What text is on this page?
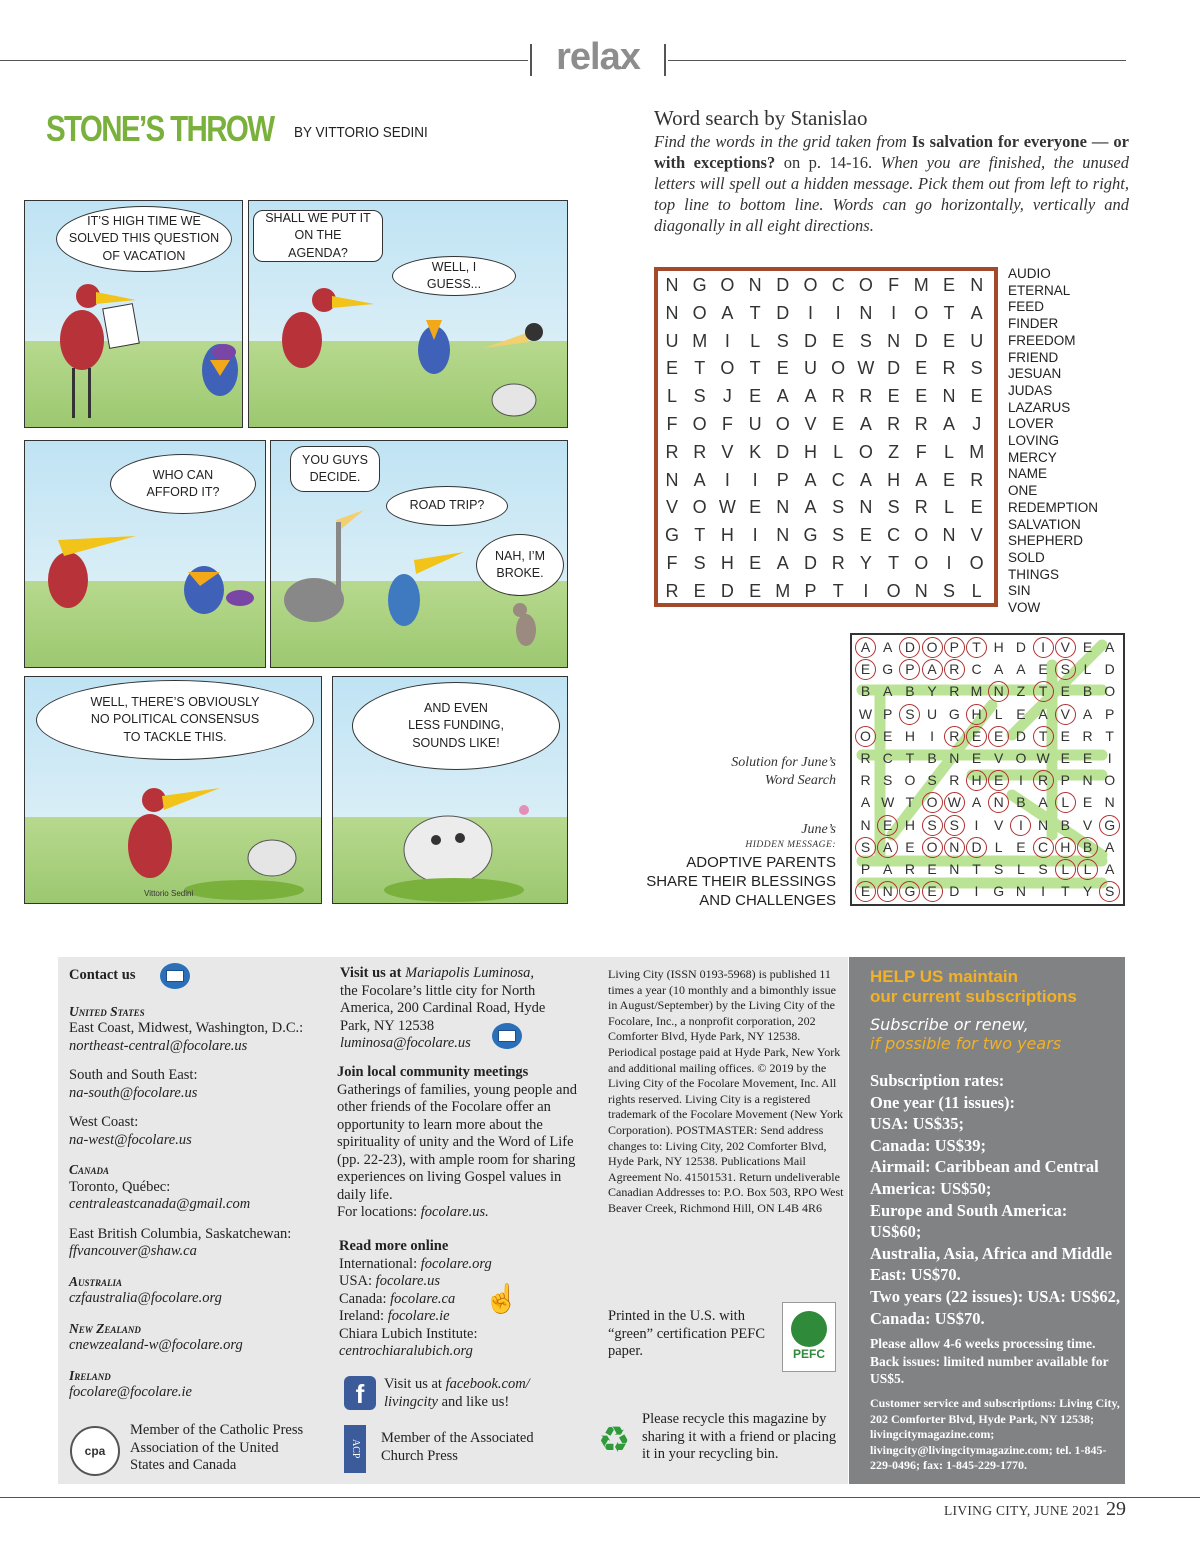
relax
STONE’S THROW BY VITTORIO SEDINI
Vittorio Sedini
IT’S HIGH TIME WE
SOLVED THIS QUESTION
OF VACATION
SHALL WE PUT IT
ON THE AGENDA?
WELL, I GUESS...
WHO CAN
AFFORD IT?
YOU GUYS
DECIDE.
ROAD TRIP?
NAH, I’M
BROKE.
WELL, THERE’S OBVIOUSLY
NO POLITICAL CONSENSUS
TO TACKLE THIS.
AND EVEN
LESS FUNDING,
SOUNDS LIKE!
Word search by Stanislao
Find the words in the grid taken from Is salvation for everyone — or with exceptions? on p. 14-16. When you are finished, the unused letters will spell out a hidden message. Pick them out from left to right, top line to bottom line. Words can go horizontally, vertically and diagonally in all eight directions.
N G O N D O C O F M E N
N O A T D	I	I	N	I	O T A
U M I	L S D E S N D E U
E T O T E U O W D E R S
L S J E A A R R E E N E
F O F U O V E A R R A J
R R V K D H L O Z F L M
N A	I	I	P A C A H A E R
V O W E N A S N S R L E
G T H	I	N G S E C O N V
F S H E A D R Y T O	I	O
R E D E M P T	I	O N S L
AUDIO
ETERNAL
FEED
FINDER
FREEDOM
FRIEND
JESUAN
JUDAS
LAZARUS
LOVER
LOVING
MERCY
NAME
ONE
REDEMPTION
SALVATION
SHEPHERD
SOLD
THINGS
SIN
VOW
Solution for June’s Word Search
June’s
HIDDEN MESSAGE:
ADOPTIVE PARENTS
SHARE THEIR BLESSINGS
AND CHALLENGES
A A D O P T H D	I	V E A
E G P A R C A A E S L D
B A B Y R M N Z T E B O
W P S U G H L E A V A P
O E H	I	R E E D T E R T
R C T B N E V O W E E	I
R S O S R H E	I	R P N O
A W T O W A N B A L E N
N E H S S	I	V	I	N B V G
S A E O N D L E C H B A
P A R E N T S L S L	L A
E N G E D	I	G N	I	T Y S
Contact us
United States
East Coast, Midwest, Washington, D.C.:
northeast-central@focolare.us
South and South East:
na-south@focolare.us
West Coast:
na-west@focolare.us
Canada
Toronto, Québec:
centraleastcanada@gmail.com
East British Columbia, Saskatchewan:
ffvancouver@shaw.ca
Australia
czfaustralia@focolare.org
New Zealand
cnewzealand-w@focolare.org
Ireland
focolare@focolare.ie
cpa
Member of the Catholic Press Association of the United States and Canada
Visit us at Mariapolis Luminosa,
the Focolare’s little city for North America, 200 Cardinal Road, Hyde Park, NY 12538
luminosa@focolare.us
Join local community meetings
Gatherings of families, young people and other friends of the Focolare offer an opportunity to learn more about the spirituality of unity and the Word of Life (pp. 22-23), with ample room for sharing experiences on living Gospel values in daily life.
For locations: focolare.us.
Read more online
International: focolare.org
USA: focolare.us
Canada: focolare.ca
Ireland: focolare.ie
Chiara Lubich Institute:
centrochiaralubich.org
☝
f	Visit us at facebook.com/ livingcity and like us!
ACP
Member of the Associated Church Press
Living City (ISSN 0193-5968) is published 11 times a year (10 monthly and a bimonthly issue in August/September) by the Living City of the Focolare, Inc., a nonprofit corporation, 202 Comforter Blvd, Hyde Park, NY 12538. Periodical postage paid at Hyde Park, New York and additional mailing offices. © 2019 by the Living City of the Focolare Movement, Inc. All rights reserved. Living City is a registered trademark of the Focolare Movement (New York Corporation). POSTMASTER: Send address changes to: Living City, 202 Comforter Blvd, Hyde Park, NY 12538. Publications Mail Agreement No. 41501531. Return undeliverable Canadian Addresses to: P.O. Box 503, RPO West Beaver Creek, Richmond Hill, ON L4B 4R6
Printed in the U.S. with “green” certification PEFC paper.	PEFC
♻
Please recycle this magazine by sharing it with a friend or placing it in your recycling bin.
HELP US maintain
our current subscriptions
Subscribe or renew,
if possible for two years
Subscription rates:
One year (11 issues):
USA: US$35;
Canada: US$39;
Airmail: Caribbean and Central America: US$50;
Europe and South America: US$60;
Australia, Asia, Africa and Middle East: US$70.
Two years (22 issues): USA: US$62, Canada: US$70.
Please allow 4-6 weeks processing time. Back issues: limited number available for US$5.
Customer service and subscriptions: Living City, 202 Comforter Blvd, Hyde Park, NY 12538; livingcitymagazine.com; livingcity@livingcitymagazine.com; tel. 1-845-229-0496; fax: 1-845-229-1770.
LIVING CITY, JUNE 2021 29
